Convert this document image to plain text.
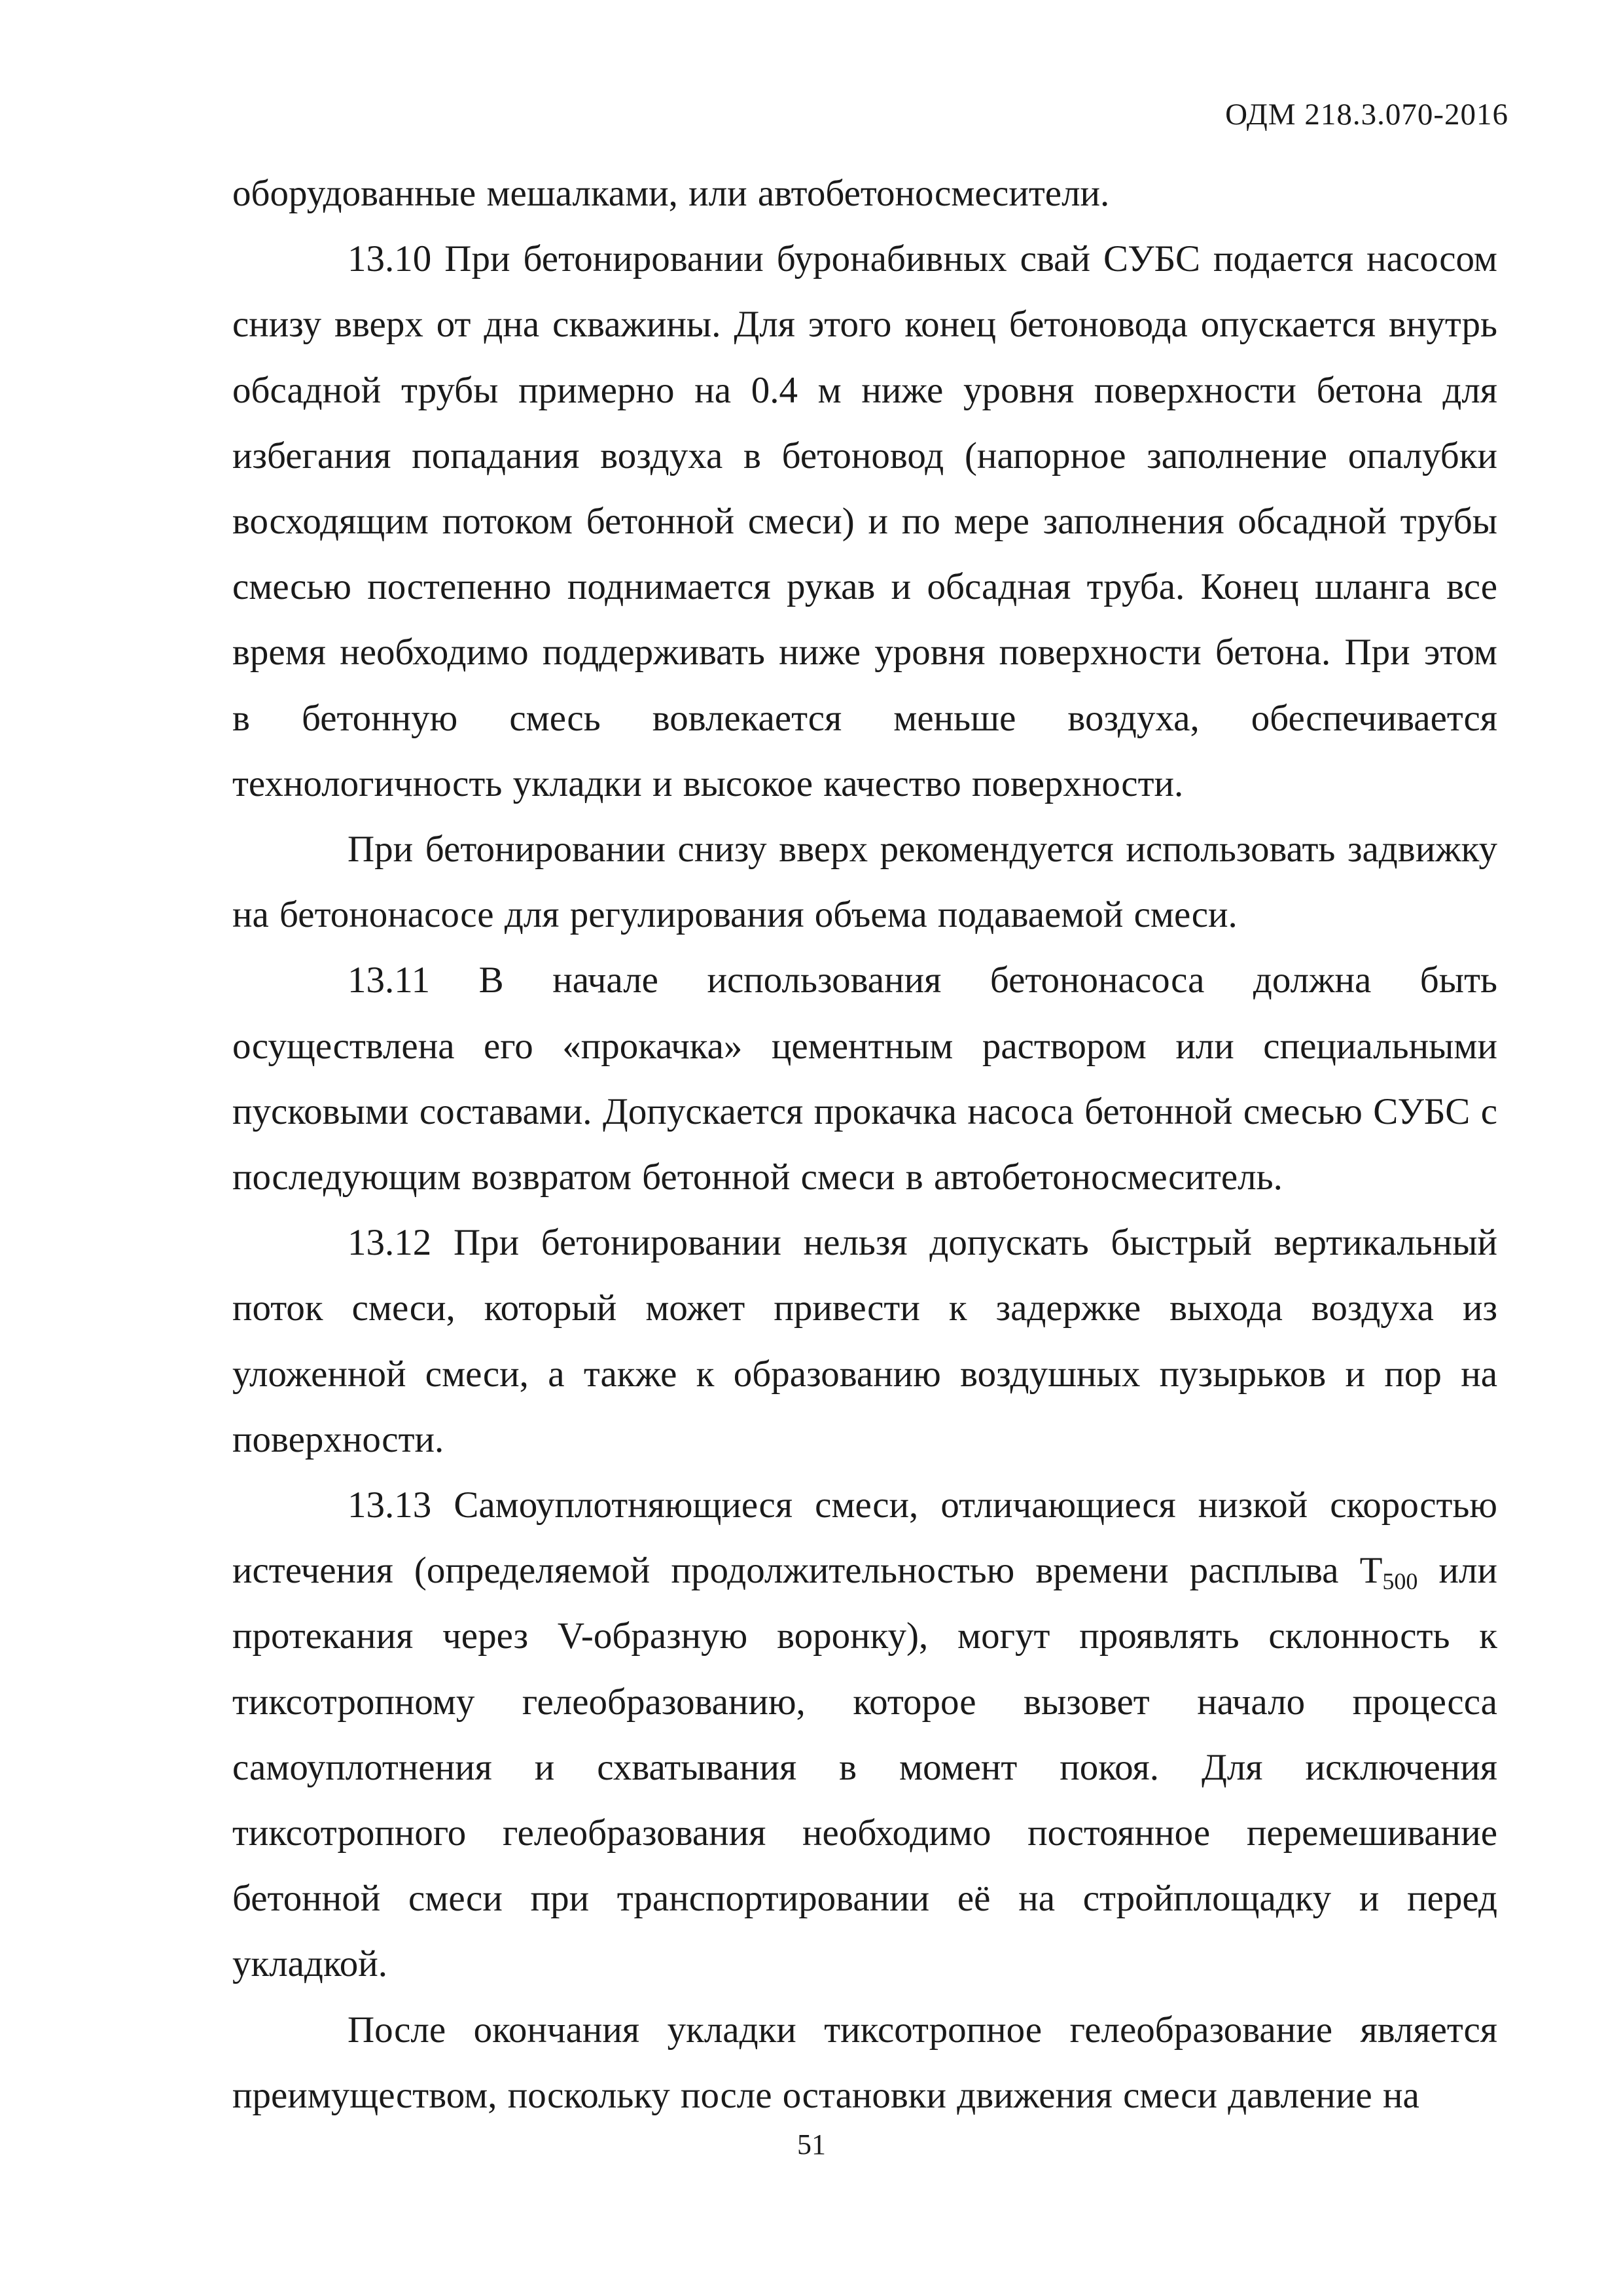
ОДМ 218.3.070-2016

оборудованные мешалками, или автобетоносмесители.

13.10 При бетонировании буронабивных свай СУБС подается насосом снизу вверх от дна скважины. Для этого конец бетоновода опускается внутрь обсадной трубы примерно на 0.4 м ниже уровня поверхности бетона для избегания попадания воздуха в бетоновод (напорное заполнение опалубки восходящим потоком бетонной смеси) и по мере заполнения обсадной трубы смесью постепенно поднимается рукав и обсадная труба. Конец шланга все время необходимо поддерживать ниже уровня поверхности бетона. При этом в бетонную смесь вовлекается меньше воздуха, обеспечивается технологичность укладки и высокое качество поверхности.

При бетонировании снизу вверх рекомендуется использовать задвижку на бетононасосе для регулирования объема подаваемой смеси.

13.11 В начале использования бетононасоса должна быть осуществлена его «прокачка» цементным раствором или специальными пусковыми составами. Допускается прокачка насоса бетонной смесью СУБС с последующим возвратом бетонной смеси в автобетоносмеситель.

13.12 При бетонировании нельзя допускать быстрый вертикальный поток смеси, который может привести к задержке выхода воздуха из уложенной смеси, а также к образованию воздушных пузырьков и пор на поверхности.

13.13 Самоуплотняющиеся смеси, отличающиеся низкой скоростью истечения (определяемой продолжительностью времени расплыва $T_{500}$ или протекания через V-образную воронку), могут проявлять склонность к тиксотропному гелеобразованию, которое вызовет начало процесса самоуплотнения и схватывания в момент покоя. Для исключения тиксотропного гелеобразования необходимо постоянное перемешивание бетонной смеси при транспортировании её на стройплощадку и перед укладкой.

После окончания укладки тиксотропное гелеобразование является преимуществом, поскольку после остановки движения смеси давление на

51
